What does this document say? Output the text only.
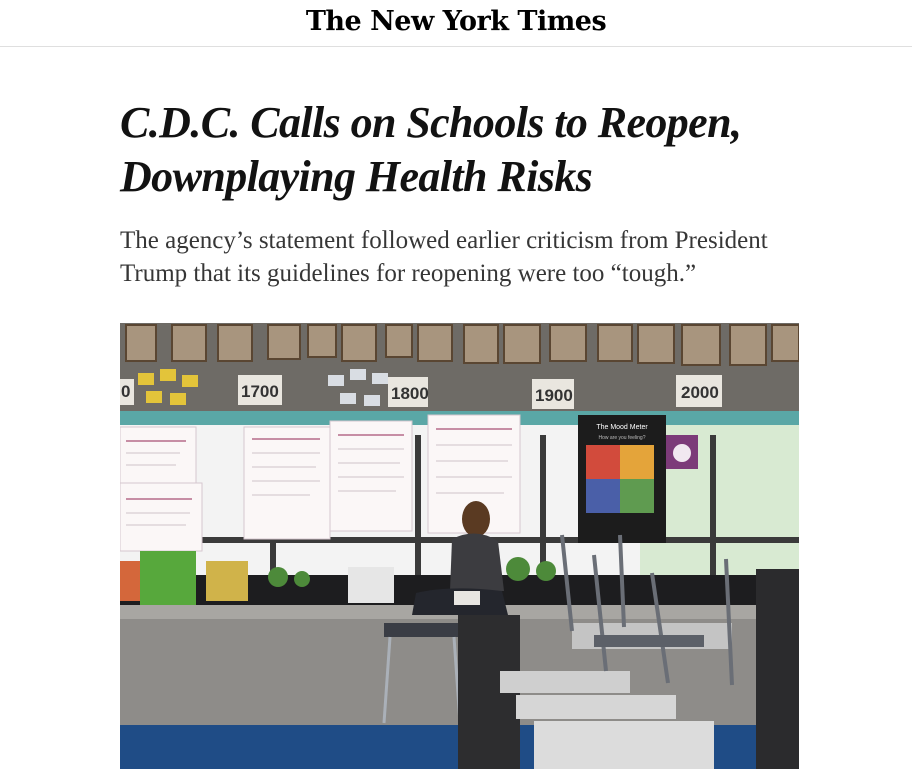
The New York Times
C.D.C. Calls on Schools to Reopen, Downplaying Health Risks

The agency’s statement followed earlier criticism from President Trump that its guidelines for reopening were too “tough.”

0	1700	1800	1900	2000
The Mood Meter
How are you feeling?
